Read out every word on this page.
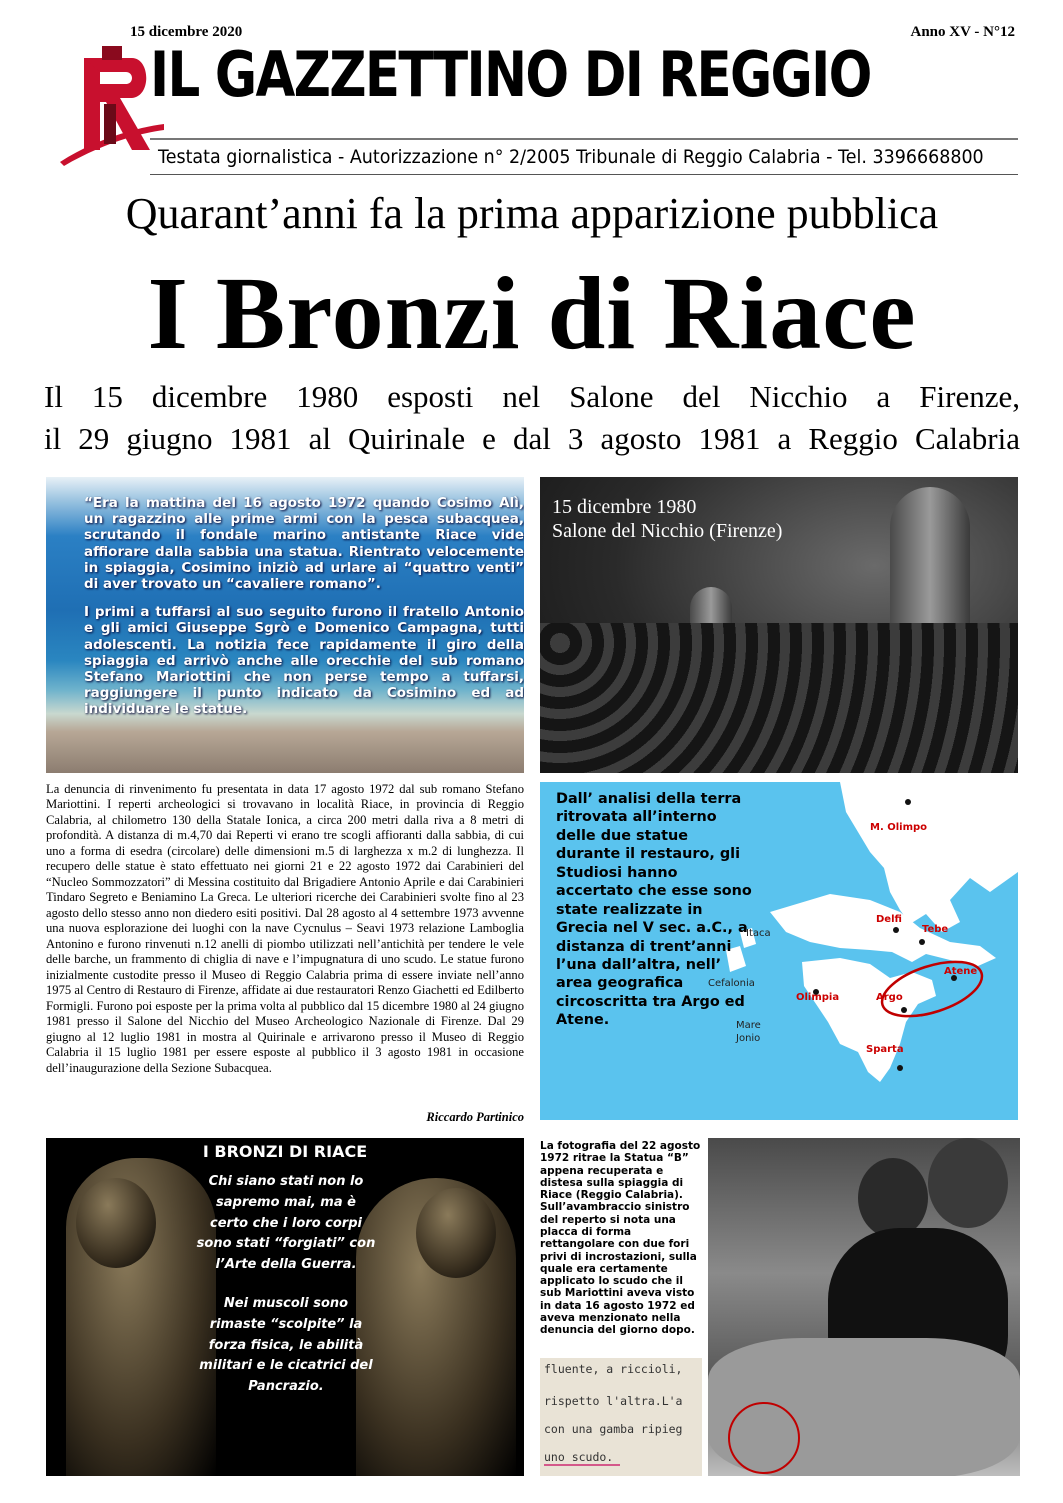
15 dicembre 2020	Anno XV - N°12
IL GAZZETTINO DI REGGIO
Testata giornalistica - Autorizzazione n° 2/2005 Tribunale di Reggio Calabria - Tel. 3396668800
Quarant’anni fa la prima apparizione pubblica
I Bronzi di Riace
Il 15 dicembre 1980 esposti nel Salone del Nicchio a Firenze,
il 29 giugno 1981 al Quirinale e dal 3 agosto 1981 a Reggio Calabria

“Era la mattina del 16 agosto 1972 quando Cosimo Alì, un ragazzino alle prime armi con la pesca subacquea, scrutando il fondale marino antistante Riace vide affiorare dalla sabbia una statua. Rientrato velocemente in spiaggia, Cosimino iniziò ad urlare ai “quattro venti” di aver trovato un “cavaliere romano”.

I primi a tuffarsi al suo seguito furono il fratello Antonio e gli amici Giuseppe Sgrò e Domenico Campagna, tutti adolescenti. La notizia fece rapidamente il giro della spiaggia ed arrivò anche alle orecchie del sub romano Stefano Mariottini che non perse tempo a tuffarsi, raggiungere il punto indicato da Cosimino ed ad individuare le statue.

15 dicembre 1980
Salone del Nicchio (Firenze)
La denuncia di rinvenimento fu presentata in data 17 agosto 1972 dal sub romano Stefano Mariottini. I reperti archeologici si trovavano in località Riace, in provincia di Reggio Calabria, al chilometro 130 della Statale Ionica, a circa 200 metri dalla riva a 8 metri di profondità. A distanza di m.4,70 dai Reperti vi erano tre scogli affioranti dalla sabbia, di cui uno a forma di esedra (circolare) delle dimensioni m.5 di larghezza x m.2 di lunghezza. Il recupero delle statue è stato effettuato nei giorni 21 e 22 agosto 1972 dai Carabinieri del “Nucleo Sommozzatori” di Messina costituito dal Brigadiere Antonio Aprile e dai Carabinieri Tindaro Segreto e Beniamino La Greca. Le ulteriori ricerche dei Carabinieri svolte fino al 23 agosto dello stesso anno non diedero esiti positivi. Dal 28 agosto al 4 settembre 1973 avvenne una nuova esplorazione dei luoghi con la nave Cycnulus – Seavi 1973 relazione Lamboglia Antonino e furono rinvenuti n.12 anelli di piombo utilizzati nell’antichità per tendere le vele delle barche, un frammento di chiglia di nave e l’impugnatura di uno scudo. Le statue furono inizialmente custodite presso il Museo di Reggio Calabria prima di essere inviate nell’anno 1975 al Centro di Restauro di Firenze, affidate ai due restauratori Renzo Giachetti ed Edilberto Formigli. Furono poi esposte per la prima volta al pubblico dal 15 dicembre 1980 al 24 giugno 1981 presso il Salone del Nicchio del Museo Archeologico Nazionale di Firenze. Dal 29 giugno al 12 luglio 1981 in mostra al Quirinale e arrivarono presso il Museo di Reggio Calabria il 15 luglio 1981 per essere esposte al pubblico il 3 agosto 1981 in occasione dell’inaugurazione della Sezione Subacquea.
Riccardo Partinico
Dall’ analisi della terra ritrovata all’interno delle due statue durante il restauro, gli Studiosi hanno accertato che esse sono state realizzate in Grecia nel V sec. a.C., a distanza di trent’anni l’una dall’altra, nell’ area geografica circoscritta tra Argo ed Atene.
M. Olimpo
Delfi
Tebe
Itaca
Cefalonia
Atene
Olimpia	Argo
Mare
Jonio
Sparta
I BRONZI DI RIACE

Chi siano stati non lo sapremo mai, ma è certo che i loro corpi sono stati “forgiati” con l’Arte della Guerra.

Nei muscoli sono rimaste “scolpite” la forza fisica, le abilità militari e le cicatrici del Pancrazio.

La fotografia del 22 agosto 1972 ritrae la Statua “B” appena recuperata e distesa sulla spiaggia di Riace (Reggio Calabria). Sull’avambraccio sinistro del reperto si nota una placca di forma rettangolare con due fori privi di incrostazioni, sulla quale era certamente applicato lo scudo che il sub Mariottini aveva visto in data 16 agosto 1972 ed aveva menzionato nella denuncia del giorno dopo.
fluente, a riccioli,
rispetto l'altra.L'a
con una gamba ripieg
uno scudo.
